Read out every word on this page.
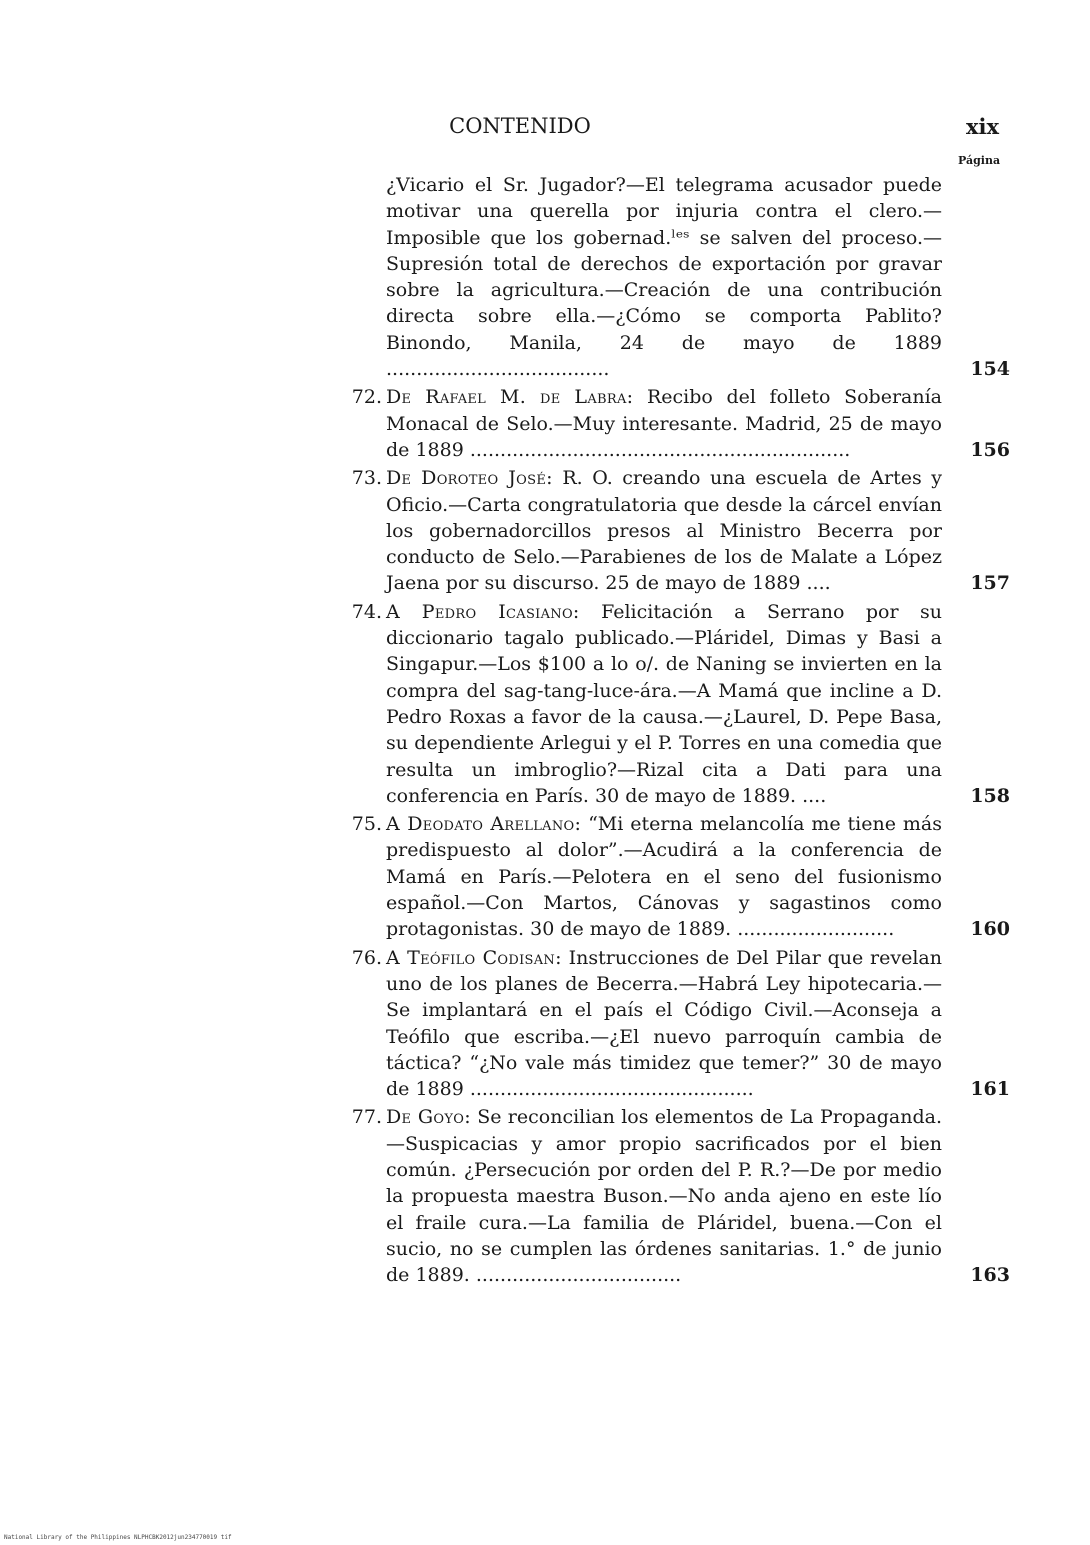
CONTENIDO	xix
Página
¿Vicario el Sr. Jugador?—El telegrama acusador puede motivar una querella por injuria contra el clero.—Imposible que los gobernad.ˡᵉˢ se salven del proceso.—Supresión total de derechos de exportación por gravar sobre la agricultura.—Creación de una contribución directa sobre ella.—¿Cómo se comporta Pablito? Binondo, Manila, 24 de mayo de 1889 .....................................	154
72. De Rafael M. de Labra: Recibo del folleto Soberanía Monacal de Selo.—Muy interesante. Madrid, 25 de mayo de 1889 ...............................................................	156
73. De Doroteo José: R. O. creando una escuela de Artes y Oficio.—Carta congratulatoria que desde la cárcel envían los gobernadorcillos presos al Ministro Becerra por conducto de Selo.—Parabienes de los de Malate a López Jaena por su discurso. 25 de mayo de 1889 ....	157
74. A Pedro Icasiano: Felicitación a Serrano por su diccionario tagalo publicado.—Pláridel, Dimas y Basi a Singapur.—Los $100 a lo o/. de Naning se invierten en la compra del sag-tang-luce-ára.—A Mamá que incline a D. Pedro Roxas a favor de la causa.—¿Laurel, D. Pepe Basa, su dependiente Arlegui y el P. Torres en una comedia que resulta un imbroglio?—Rizal cita a Dati para una conferencia en París. 30 de mayo de 1889. ....	158
75. A Deodato Arellano: “Mi eterna melancolía me tiene más predispuesto al dolor”.—Acudirá a la conferencia de Mamá en París.—Pelotera en el seno del fusionismo español.—Con Martos, Cánovas y sagastinos como protagonistas. 30 de mayo de 1889. ..........................	160
76. A Teófilo Codisan: Instrucciones de Del Pilar que revelan uno de los planes de Becerra.—Habrá Ley hipotecaria.—Se implantará en el país el Código Civil.—Aconseja a Teófilo que escriba.—¿El nuevo parroquín cambia de táctica? “¿No vale más timidez que temer?” 30 de mayo de 1889 ...............................................	161
77. De Goyo: Se reconcilian los elementos de La Propaganda.—Suspicacias y amor propio sacrificados por el bien común. ¿Persecución por orden del P. R.?—De por medio la propuesta maestra Buson.—No anda ajeno en este lío el fraile cura.—La familia de Pláridel, buena.—Con el sucio, no se cumplen las órdenes sanitarias. 1.° de junio de 1889. ..................................	163
National Library of the Philippines NLPHCBK2012jun234770019 tif
